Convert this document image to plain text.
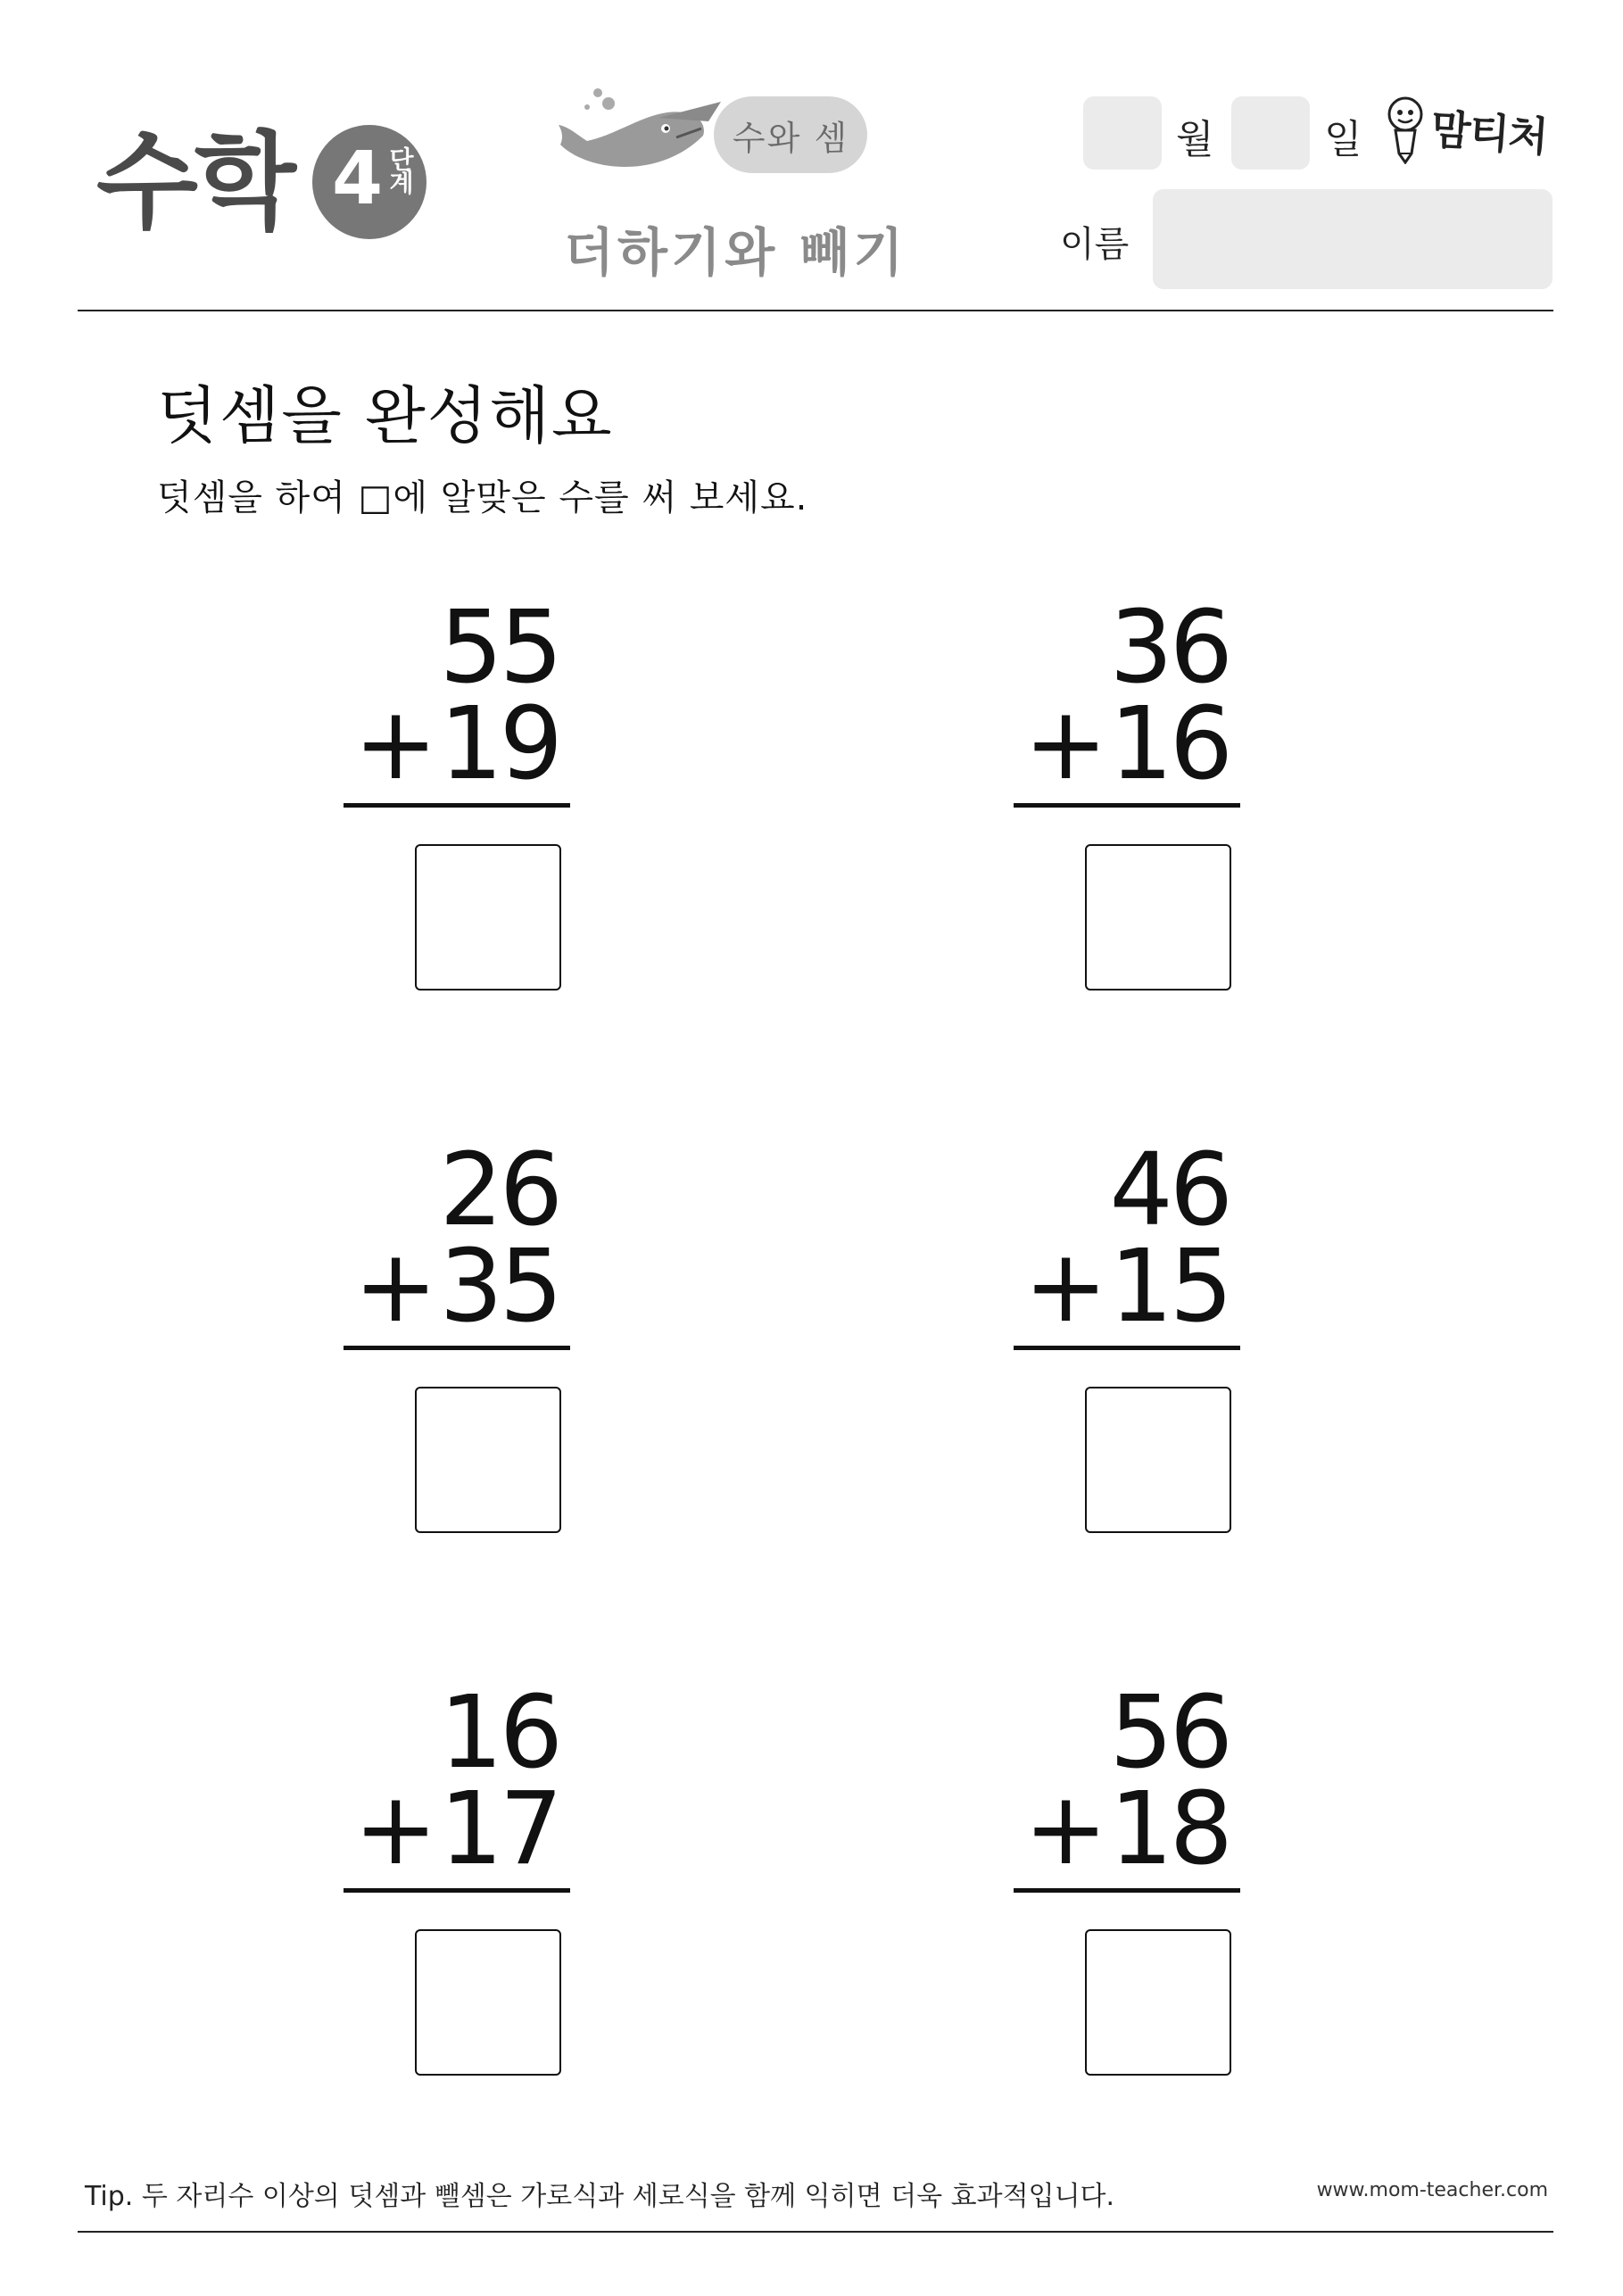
수학 4 단계
수와 셈
더하기와 빼기
월	일
이름
맘티처
덧셈을 완성해요
덧셈을 하여 □에 알맞은 수를 써 보세요.
55
+19
36
+16
26
+35
46
+15
16
+17
56
+18
Tip. 두 자리수 이상의 덧셈과 뺄셈은 가로식과 세로식을 함께 익히면 더욱 효과적입니다.	www.mom-teacher.com
